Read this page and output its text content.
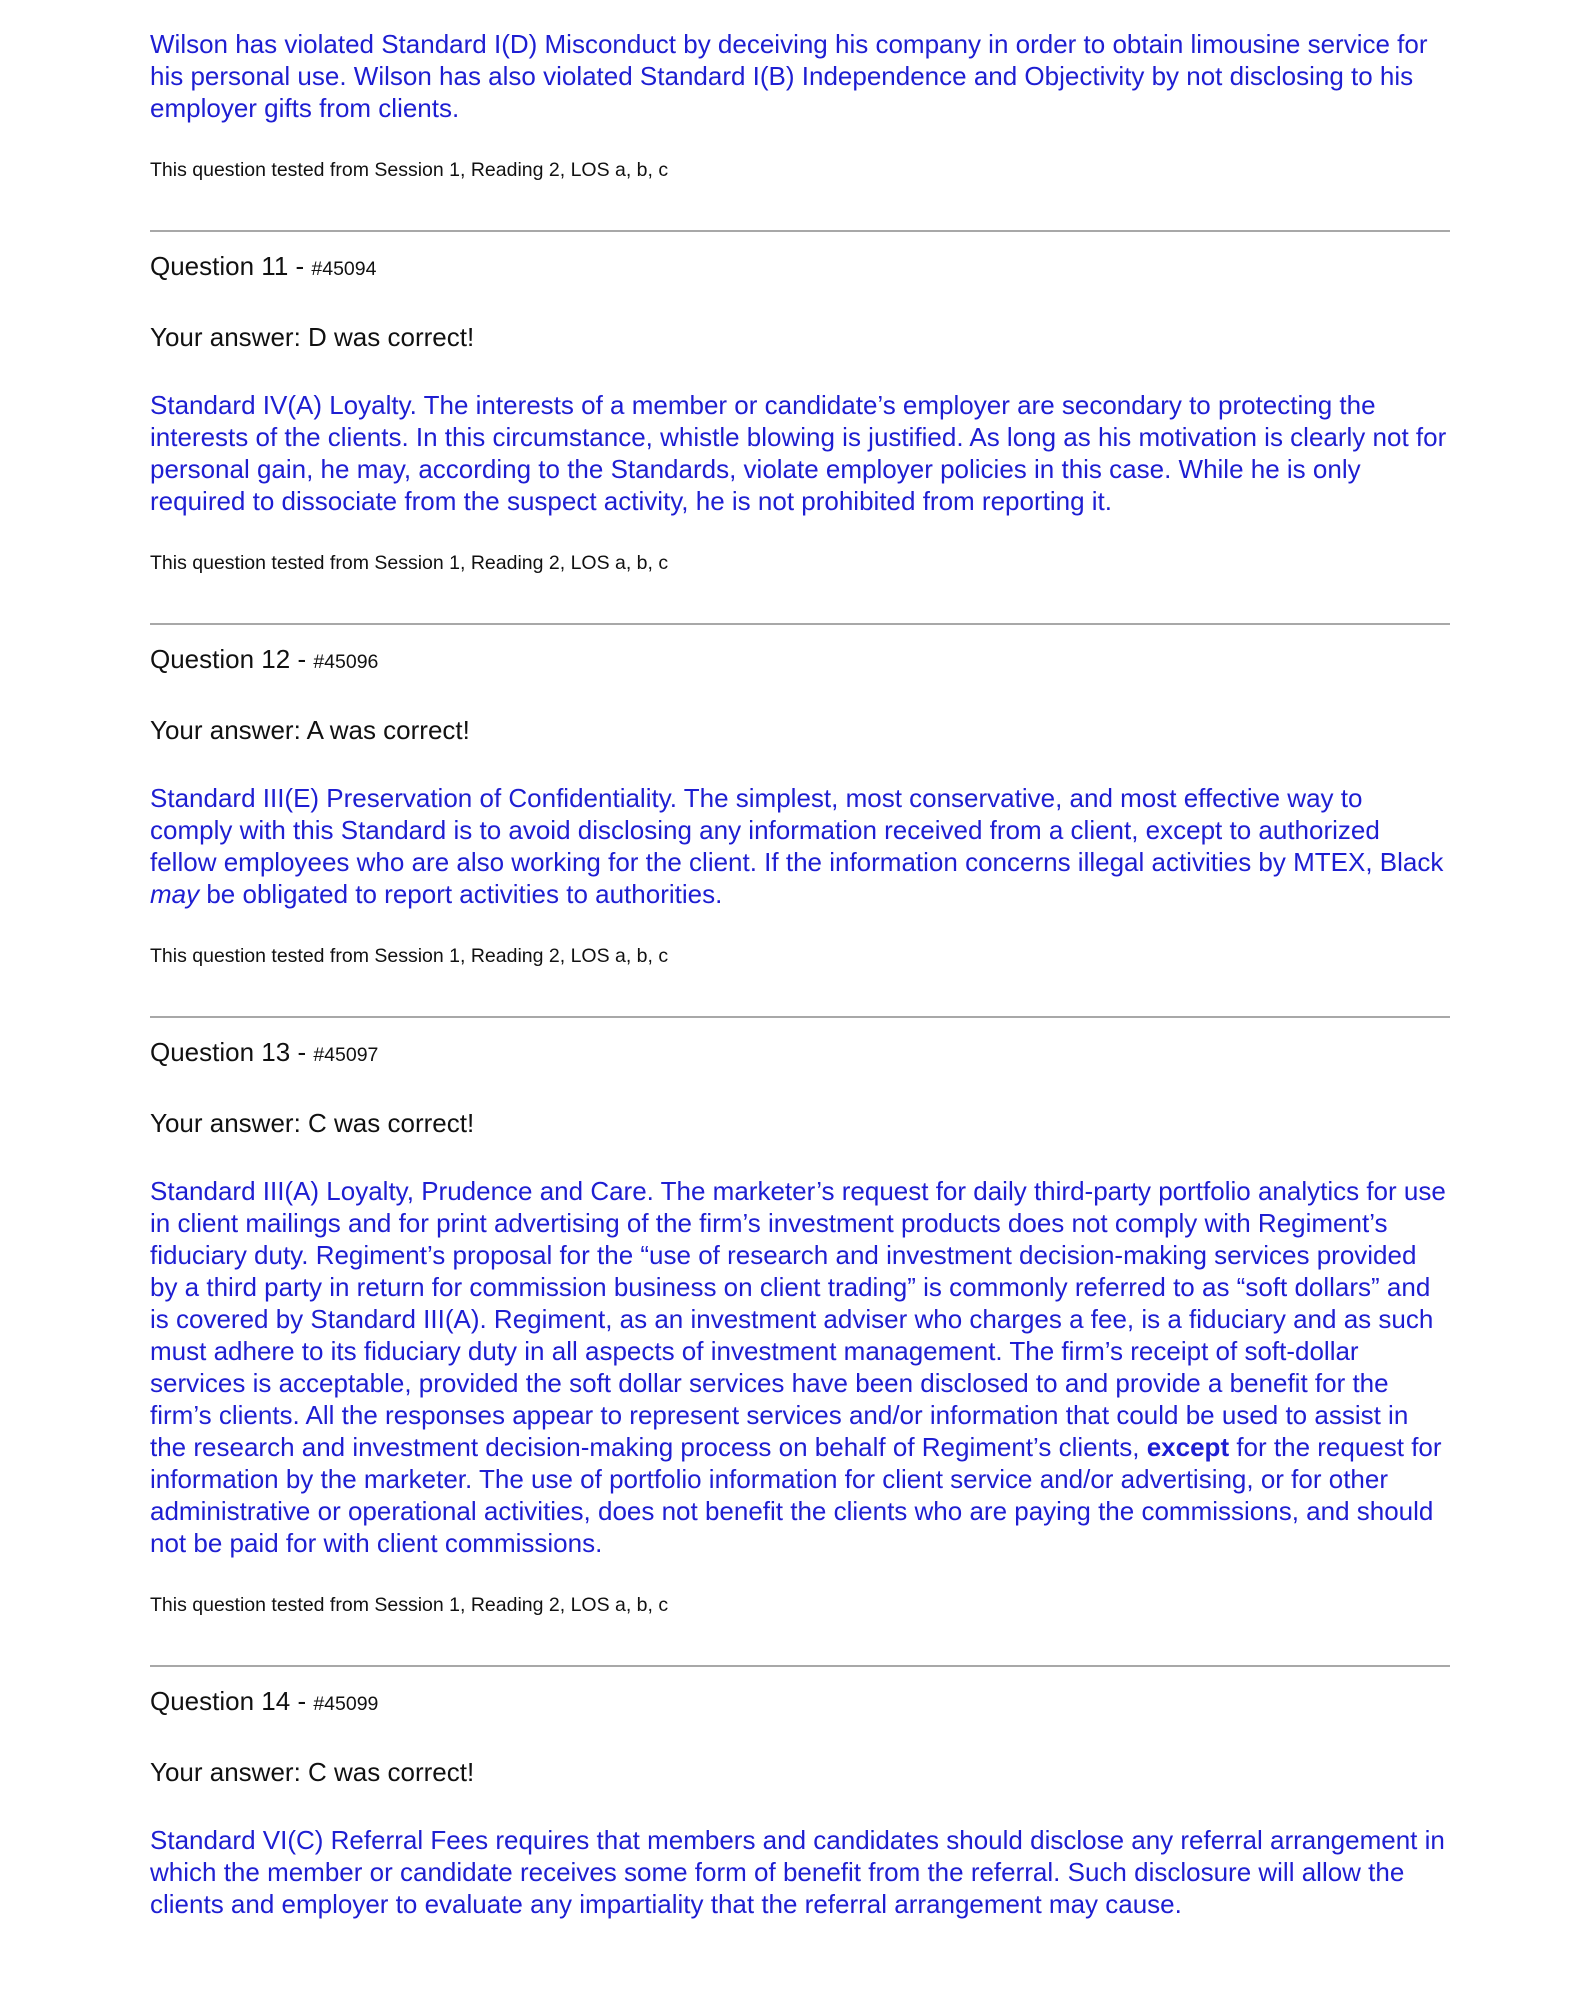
Wilson has violated Standard I(D) Misconduct by deceiving his company in order to obtain limousine service for his personal use. Wilson has also violated Standard I(B) Independence and Objectivity by not disclosing to his employer gifts from clients.

This question tested from Session 1, Reading 2, LOS a, b, c

Question 11 - #45094

Your answer: D was correct!

Standard IV(A) Loyalty. The interests of a member or candidate’s employer are secondary to protecting the interests of the clients. In this circumstance, whistle blowing is justified. As long as his motivation is clearly not for personal gain, he may, according to the Standards, violate employer policies in this case. While he is only required to dissociate from the suspect activity, he is not prohibited from reporting it.

This question tested from Session 1, Reading 2, LOS a, b, c

Question 12 - #45096

Your answer: A was correct!

Standard III(E) Preservation of Confidentiality. The simplest, most conservative, and most effective way to comply with this Standard is to avoid disclosing any information received from a client, except to authorized fellow employees who are also working for the client. If the information concerns illegal activities by MTEX, Black may be obligated to report activities to authorities.

This question tested from Session 1, Reading 2, LOS a, b, c

Question 13 - #45097

Your answer: C was correct!

Standard III(A) Loyalty, Prudence and Care. The marketer’s request for daily third-party portfolio analytics for use in client mailings and for print advertising of the firm’s investment products does not comply with Regiment’s fiduciary duty. Regiment’s proposal for the “use of research and investment decision-making services provided by a third party in return for commission business on client trading” is commonly referred to as “soft dollars” and is covered by Standard III(A). Regiment, as an investment adviser who charges a fee, is a fiduciary and as such must adhere to its fiduciary duty in all aspects of investment management. The firm’s receipt of soft-dollar services is acceptable, provided the soft dollar services have been disclosed to and provide a benefit for the firm’s clients. All the responses appear to represent services and/or information that could be used to assist in the research and investment decision-making process on behalf of Regiment’s clients, except for the request for information by the marketer. The use of portfolio information for client service and/or advertising, or for other administrative or operational activities, does not benefit the clients who are paying the commissions, and should not be paid for with client commissions.

This question tested from Session 1, Reading 2, LOS a, b, c

Question 14 - #45099

Your answer: C was correct!

Standard VI(C) Referral Fees requires that members and candidates should disclose any referral arrangement in which the member or candidate receives some form of benefit from the referral. Such disclosure will allow the clients and employer to evaluate any impartiality that the referral arrangement may cause.
